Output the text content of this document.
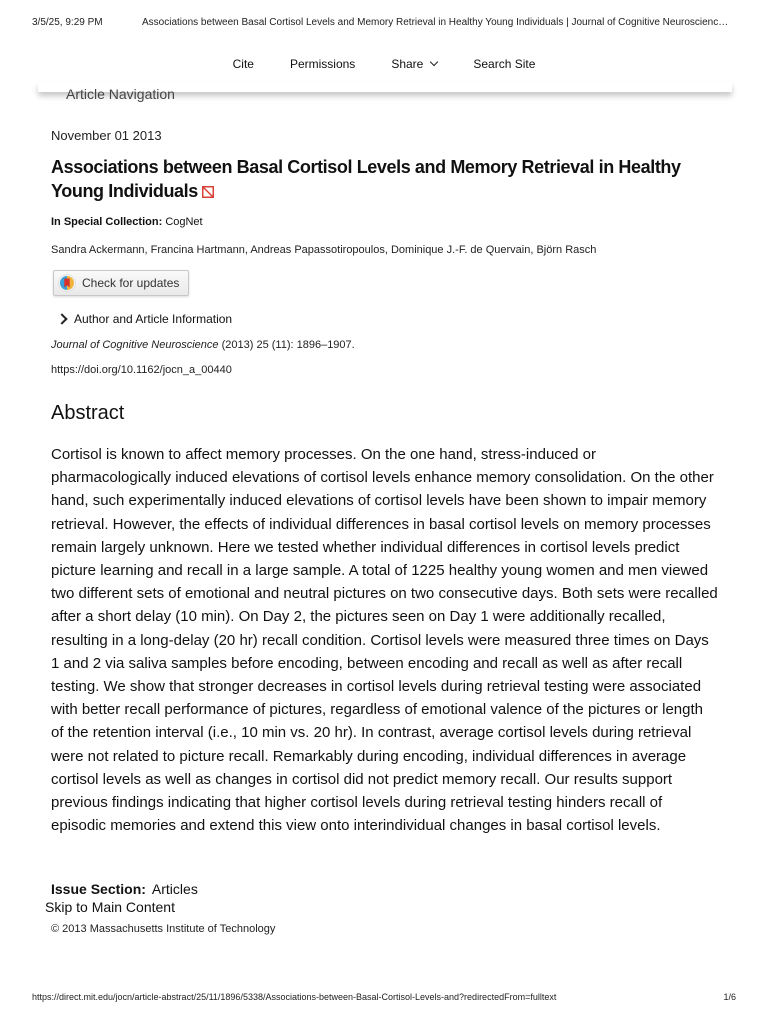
3/5/25, 9:29 PM	Associations between Basal Cortisol Levels and Memory Retrieval in Healthy Young Individuals | Journal of Cognitive Neuroscienc…
Cite	Permissions	Share	Search Site
Article Navigation
November 01 2013
Associations between Basal Cortisol Levels and Memory Retrieval in Healthy Young Individuals
In Special Collection: CogNet
Sandra Ackermann, Francina Hartmann, Andreas Papassotiropoulos, Dominique J.-F. de Quervain, Björn Rasch
Check for updates
Author and Article Information
Journal of Cognitive Neuroscience (2013) 25 (11): 1896–1907.
https://doi.org/10.1162/jocn_a_00440
Abstract
Cortisol is known to affect memory processes. On the one hand, stress-induced or pharmacologically induced elevations of cortisol levels enhance memory consolidation. On the other hand, such experimentally induced elevations of cortisol levels have been shown to impair memory retrieval. However, the effects of individual differences in basal cortisol levels on memory processes remain largely unknown. Here we tested whether individual differences in cortisol levels predict picture learning and recall in a large sample. A total of 1225 healthy young women and men viewed two different sets of emotional and neutral pictures on two consecutive days. Both sets were recalled after a short delay (10 min). On Day 2, the pictures seen on Day 1 were additionally recalled, resulting in a long-delay (20 hr) recall condition. Cortisol levels were measured three times on Days 1 and 2 via saliva samples before encoding, between encoding and recall as well as after recall testing. We show that stronger decreases in cortisol levels during retrieval testing were associated with better recall performance of pictures, regardless of emotional valence of the pictures or length of the retention interval (i.e., 10 min vs. 20 hr). In contrast, average cortisol levels during retrieval were not related to picture recall. Remarkably during encoding, individual differences in average cortisol levels as well as changes in cortisol did not predict memory recall. Our results support previous findings indicating that higher cortisol levels during retrieval testing hinders recall of episodic memories and extend this view onto interindividual changes in basal cortisol levels.
Issue Section: Articles
Skip to Main Content
© 2013 Massachusetts Institute of Technology
https://direct.mit.edu/jocn/article-abstract/25/11/1896/5338/Associations-between-Basal-Cortisol-Levels-and?redirectedFrom=fulltext	1/6
